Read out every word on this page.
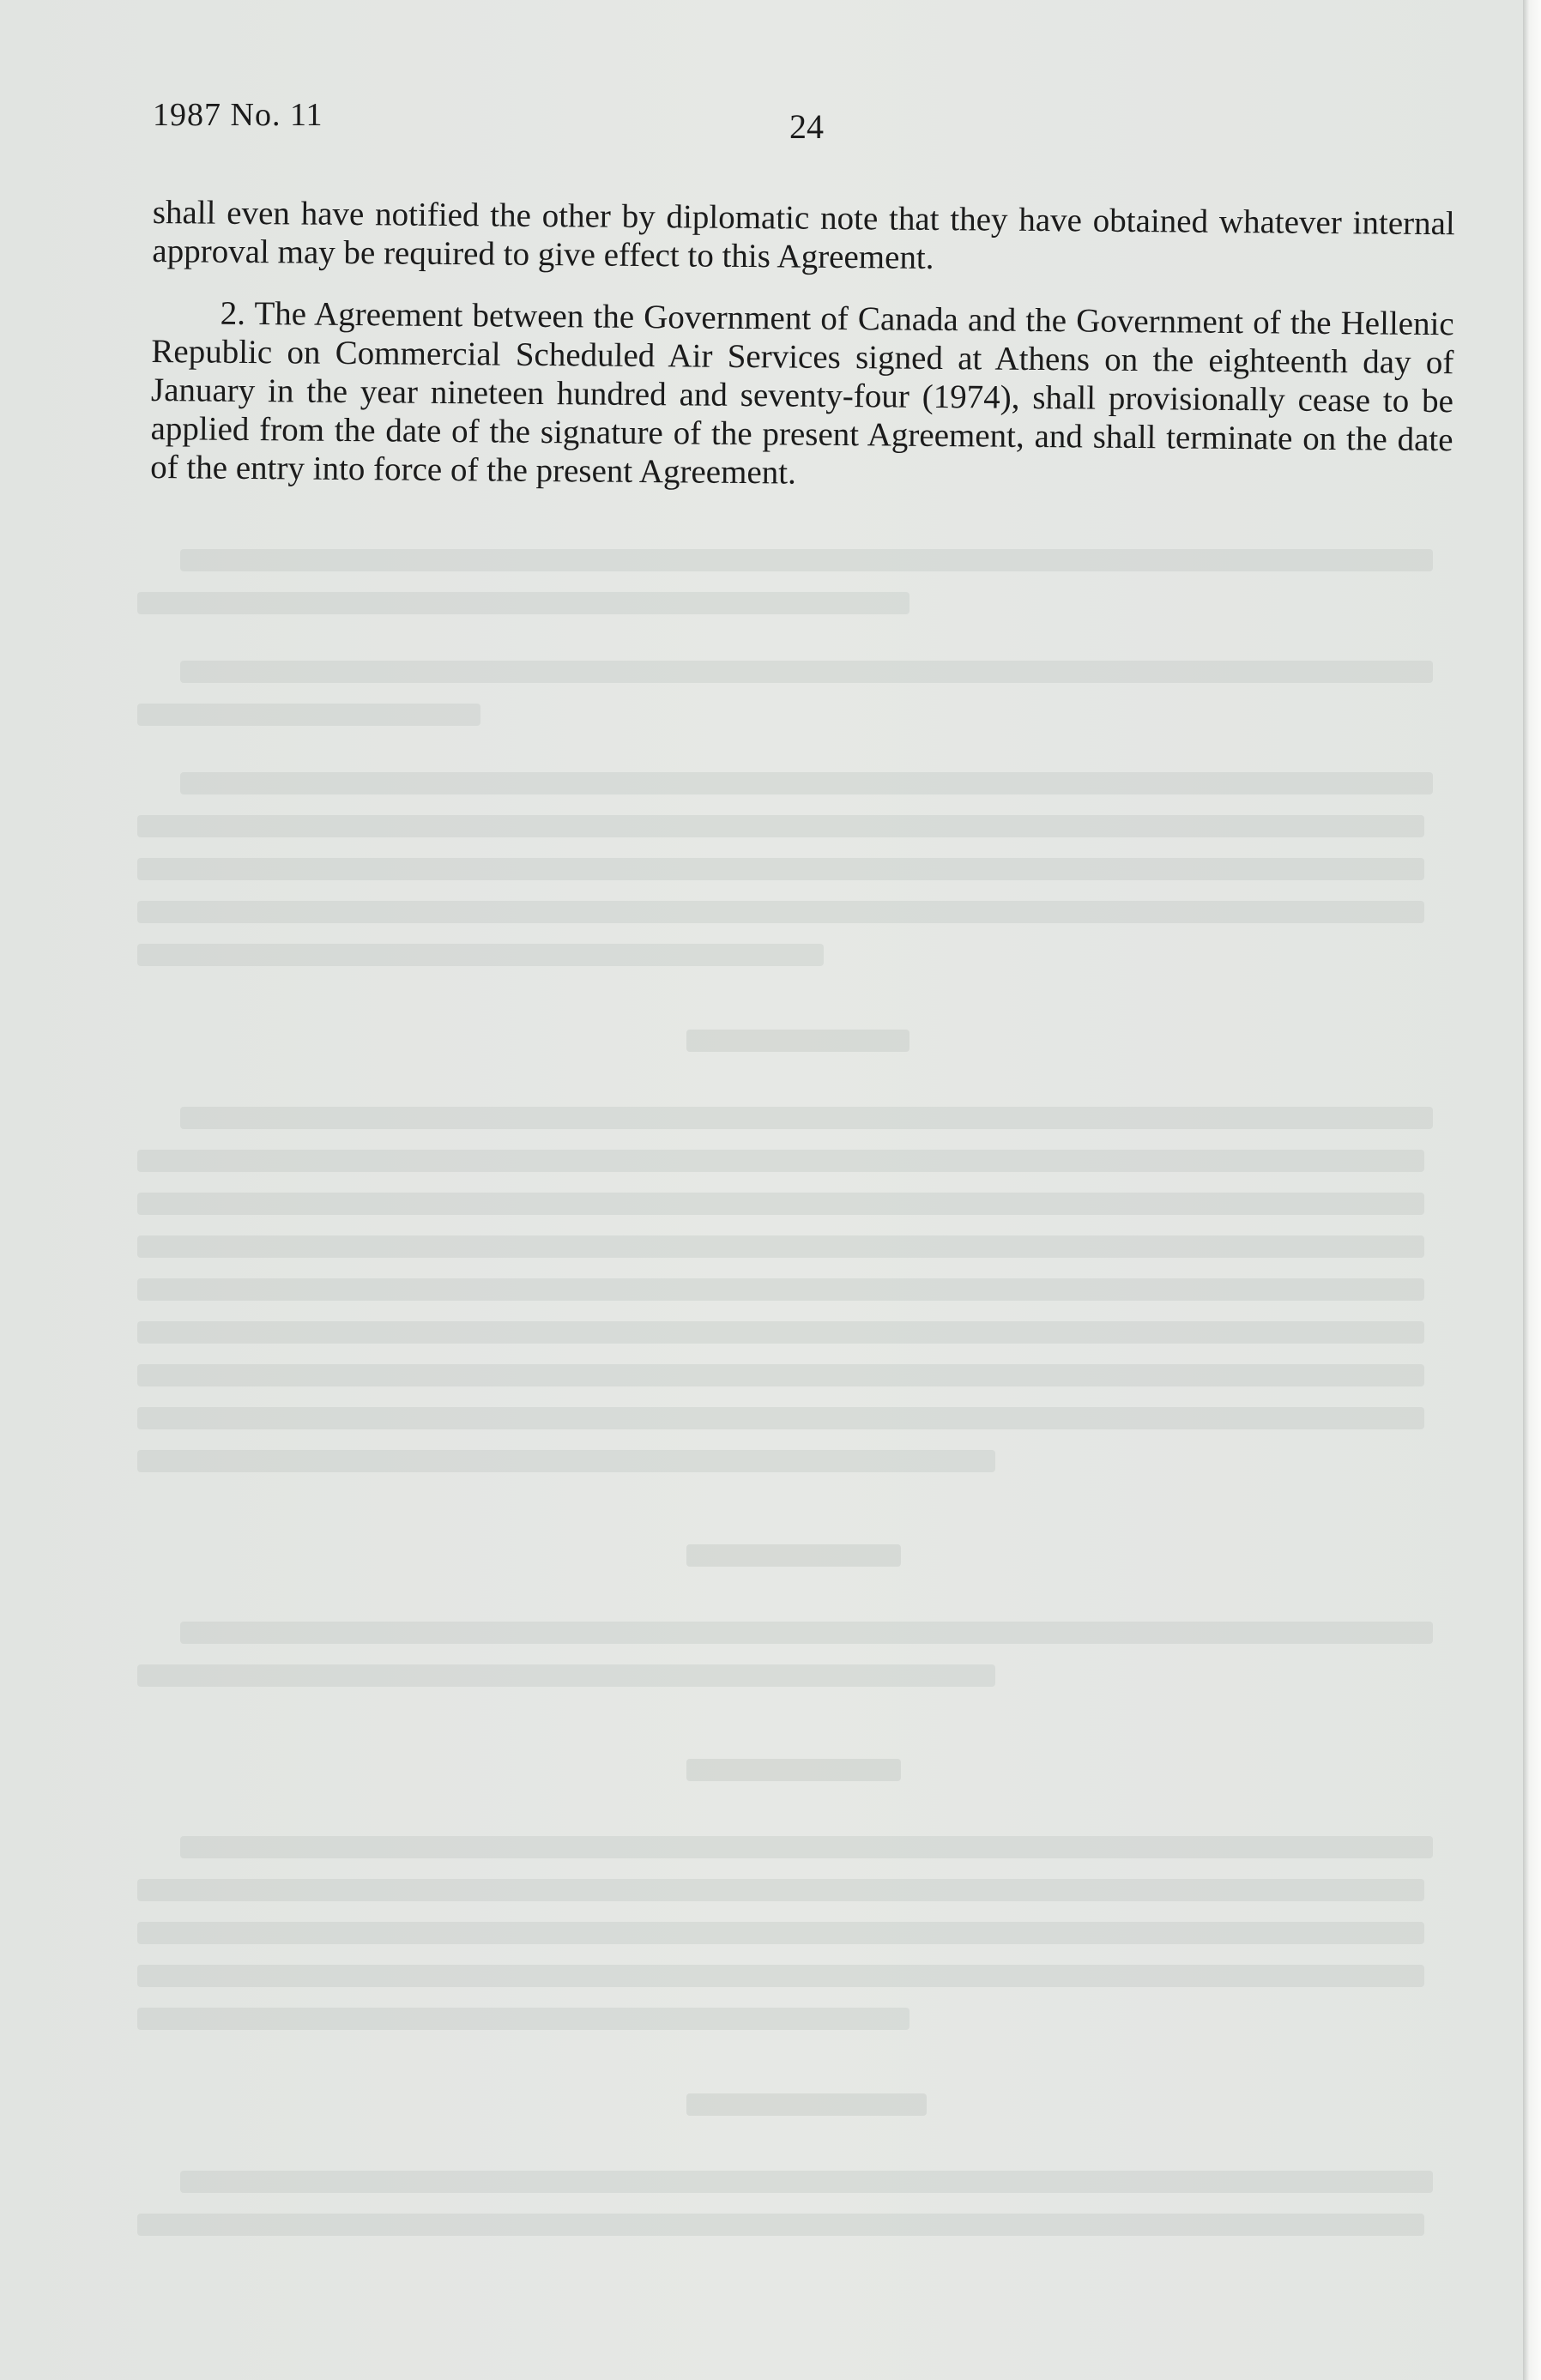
1987 No. 11	24

shall even have notified the other by diplomatic note that they have obtained whatever internal approval may be required to give effect to this Agreement.

2. The Agreement between the Government of Canada and the Government of the Hellenic Republic on Commercial Scheduled Air Services signed at Athens on the eighteenth day of January in the year nineteen hundred and seventy-four (1974), shall provisionally cease to be applied from the date of the signature of the present Agreement, and shall terminate on the date of the entry into force of the present Agreement.
